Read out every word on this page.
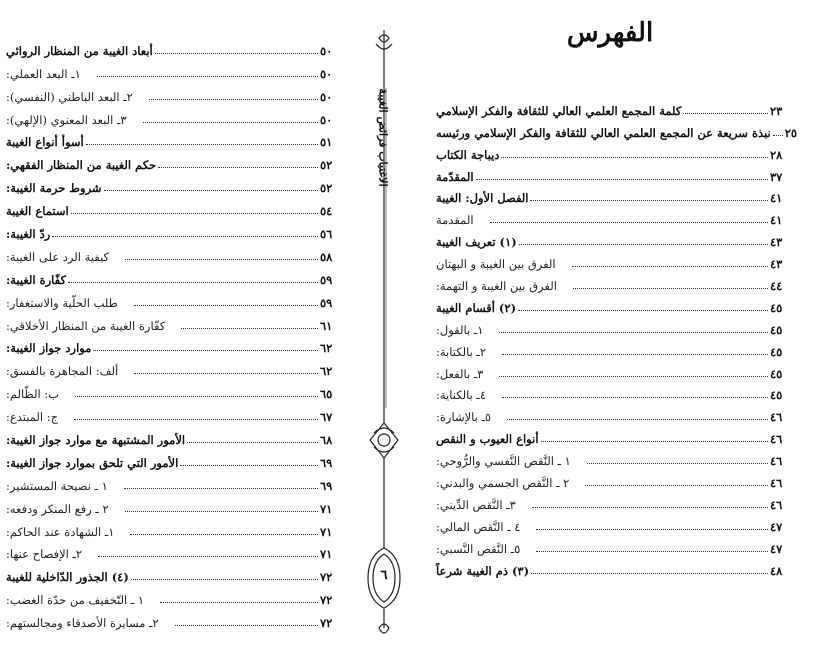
أبعاد الغيبة من المنظار الروائي	٥٠
١ـ البعد العملي:	٥٠
٢ـ البعد الباطني (النفسي):	٥٠
٣ـ البعد المعنوي (الإلهي):	٥٠
أسوأ أنواع الغيبة	٥١
حكم الغيبة من المنظار الفقهي:	٥٢
شروط حرمة الغيبة:	٥٢
استماع الغيبة	٥٤
ردّ الغيبة:	٥٦
كيفية الرد على الغيبة:	٥٨
كفّارة الغيبة:	٥٩
طلب الحلّية والاستغفار:	٥٩
كفّارة الغيبة من المنظار الأخلاقي:	٦١
موارد جواز الغيبة:	٦٢
ألف: المجاهرة بالفسق:	٦٢
ب: الظّالم:	٦٥
ج: المبتدع:	٦٧
الأمور المشتبهة مع موارد جواز الغيبة:	٦٨
الأمور التي تلحق بموارد جواز الغيبة:	٦٩
١ ـ نصيحة المستشير:	٦٩
٢ ـ رفع المنكر ودفعه:	٧١
١ـ الشهادة عند الحاكم:	٧١
٢ـ الإفصاح عنها:	٧١
(٤) الجذور الدّاخلية للغيبة	٧٢
١ ـ التّخفيف من حدّة الغضب:	٧٢
٢ـ مسايرة الأصدقاء ومجالستهم:	٧٢
الفهرس
كلمة المجمع العلمي العالي للثقافة والفكر الإسلامي	٢٣
نبذة سريعة عن المجمع العلمي العالي للثقافة والفكر الإسلامي ورئيسه ٢٥
ديباجة الكتاب	٢٨
المقدّمة	٣٧
الفصل الأول: الغيبة	٤١
المقدمة	٤١
(١) تعريف الغيبة	٤٣
الفرق بين الغيبة و البهتان	٤٣
الفرق بين الغيبة و التهمة:	٤٤
(٢) أقسام الغيبة	٤٥
١ـ بالقول:	٤٥
٢ـ بالكتابة:	٤٥
٣ـ بالفعل:	٤٥
٤ـ بالكناية:	٤٥
٥ـ بالإشارة:	٤٦
أنواع العيوب و النقص	٤٦
١ ـ النَّقص النَّفسي والرُّوحي:	٤٦
٢ ـ النَّقص الجسمي والبدني:	٤٦
٣ـ النَّقص الدِّيني:	٤٦
٤ ـ النَّقص المالي:	٤٧
٥ـ النَّقص النَّسبي:	٤٧
(٣) ذم الغيبة شرعاً	٤٨
الاغتياب فرائض الغيبة
٦
